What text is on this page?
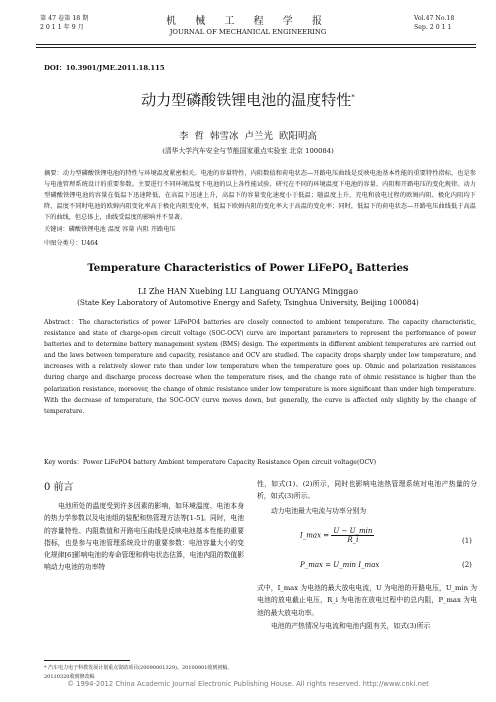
第 47 卷第 18 期
2 0 1 1 年 9 月
机 械 工 程 学 报
JOURNAL OF MECHANICAL ENGINEERING
Vol.47 No.18
Sep. 2 0 1 1
DOI：10.3901/JME.2011.18.115
动力型磷酸铁锂电池的温度特性*
李 哲 韩雪冰 卢兰光 欧阳明高
(清华大学汽车安全与节能国家重点实验室 北京 100084)
摘要：动力型磷酸铁锂电池的特性与环境温度紧密相关。电池的容量特性、内阻数值和荷电状态—开路电压曲线是反映电池基本性能的重要特性指标，也是参与电池管理系统设计的重要参数。主要进行不同环境温度下电池的以上各性能试验，研究在不同的环境温度下电池的容量、内阻和开路电压的变化规律。动力型磷酸铁锂电池的容量在低温下迅速降低，在高温下迅速上升，高温下的容量变化速度小于低温；随温度上升，充电和放电过程的欧姆内阻、极化内阻均下降，温度不同时电池的欧姆内阻变化率高于极化内阻变化率，低温下欧姆内阻的变化率大于高温的变化率；同时，低温下的荷电状态—开路电压曲线低于高温下的曲线，但总体上，曲线受温度的影响并不显著。
关键词：磷酸铁锂电池 温度 容量 内阻 开路电压
中图分类号：U464
Temperature Characteristics of Power LiFePO$_4$ Batteries
LI Zhe HAN Xuebing LU Languang OUYANG Minggao
(State Key Laboratory of Automotive Energy and Safety, Tsinghua University, Beijing 100084)
Abstract：The characteristics of power LiFePO4 batteries are closely connected to ambient temperature. The capacity characteristic, resistance and state of charge-open circuit voltage (SOC-OCV) curve are important parameters to represent the performance of power batteries and to determine battery management system (BMS) design. The experiments in different ambient temperatures are carried out and the laws between temperature and capacity, resistance and OCV are studied. The capacity drops sharply under low temperature, and increases with a relatively slower rate than under low temperature when the temperature goes up. Ohmic and polarization resistances during charge and discharge process decrease when the temperature rises, and the change rate of ohmic resistance is higher than the polarization resistance, moreover, the change of ohmic resistance under low temperature is more significant than under high temperature. With the decrease of temperature, the SOC-OCV curve moves down, but generally, the curve is affected only slightly by the change of temperature.
Key words：Power LiFePO4 battery Ambient temperature Capacity Resistance Open circuit voltage(OCV)
0 前言
电池所处的温度受到许多因素的影响，如环境温度、电池本身的热力学参数以及电池组的装配和热管理方法等[1-5]。同时，电池的容量特性、内阻数值和开路电压曲线是反映电池基本性能的重要指标，也是参与电池管理系统设计的重要参数：电池容量大小的变化规律[6]影响电池的寿命管理和荷电状态估算，电池内阻的数值影响动力电池的功率特
* 汽车电力电子科教发展计划重点资助项目(20090001329)。20100901收到初稿，20110320收到修改稿
性，如式(1)、(2)所示，同时也影响电池热管理系统对电池产热量的分析，如式(3)所示。
动力电池最大电流与功率分别为
I_max = $\frac{U - U\_\min}{R\_i}$	(1)
P_max = U_min I_max	(2)
式中，I_max 为电池的最大放电电流，U 为电池的开路电压，U_min 为电池的放电截止电压，R_i 为电池在放电过程中的总内阻，P_max 为电池的最大放电功率。
电池的产热情况与电流和电池内阻有关，如式(3)所示
© 1994-2012 China Academic Journal Electronic Publishing House. All rights reserved. http://www.cnki.net
